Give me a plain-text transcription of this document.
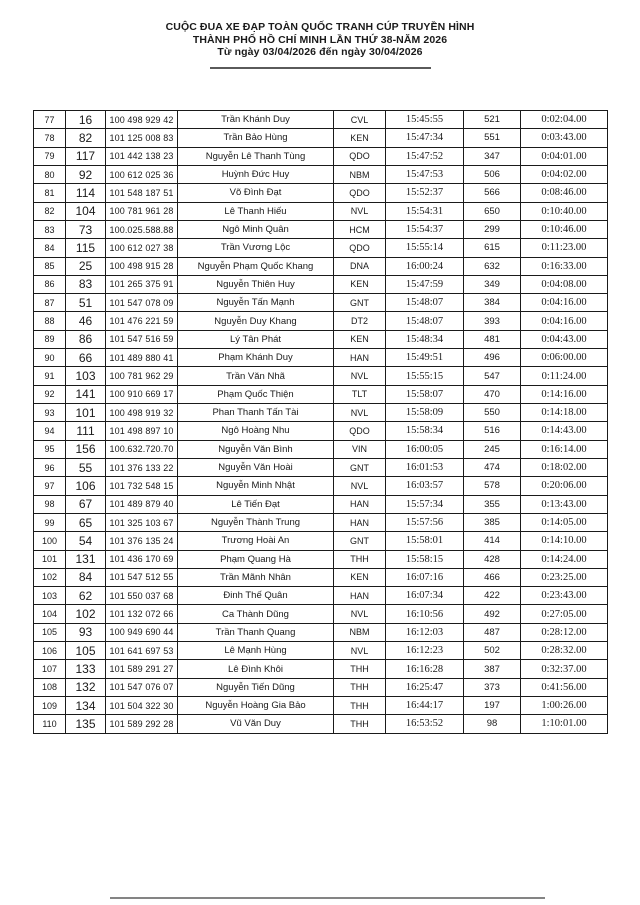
CUỘC ĐUA XE ĐẠP TOÀN QUỐC TRANH CÚP TRUYỀN HÌNH
THÀNH PHỐ HỒ CHÍ MINH LẦN THỨ 38-NĂM 2026
Từ ngày 03/04/2026 đến ngày 30/04/2026
77	16	100 498 929 42	Trần Khánh Duy	CVL	15:45:55	521	0:02:04.00
78	82	101 125 008 83	Trần Bảo Hùng	KEN	15:47:34	551	0:03:43.00
79	117	101 442 138 23	Nguyễn Lê Thanh Tùng	QDO	15:47:52	347	0:04:01.00
80	92	100 612 025 36	Huỳnh Đức Huy	NBM	15:47:53	506	0:04:02.00
81	114	101 548 187 51	Võ Đình Đạt	QDO	15:52:37	566	0:08:46.00
82	104	100 781 961 28	Lê Thanh Hiếu	NVL	15:54:31	650	0:10:40.00
83	73	100.025.588.88	Ngô Minh Quân	HCM	15:54:37	299	0:10:46.00
84	115	100 612 027 38	Trần Vương Lộc	QDO	15:55:14	615	0:11:23.00
85	25	100 498 915 28	Nguyễn Phạm Quốc Khang	DNA	16:00:24	632	0:16:33.00
86	83	101 265 375 91	Nguyễn Thiên Huy	KEN	15:47:59	349	0:04:08.00
87	51	101 547 078 09	Nguyễn Tấn Mạnh	GNT	15:48:07	384	0:04:16.00
88	46	101 476 221 59	Nguyễn Duy Khang	DT2	15:48:07	393	0:04:16.00
89	86	101 547 516 59	Lý Tân Phát	KEN	15:48:34	481	0:04:43.00
90	66	101 489 880 41	Phạm Khánh Duy	HAN	15:49:51	496	0:06:00.00
91	103	100 781 962 29	Trần Văn Nhã	NVL	15:55:15	547	0:11:24.00
92	141	100 910 669 17	Phạm Quốc Thiện	TLT	15:58:07	470	0:14:16.00
93	101	100 498 919 32	Phan Thanh Tấn Tài	NVL	15:58:09	550	0:14:18.00
94	111	101 498 897 10	Ngô Hoàng Nhu	QDO	15:58:34	516	0:14:43.00
95	156	100.632.720.70	Nguyễn Văn Bình	VIN	16:00:05	245	0:16:14.00
96	55	101 376 133 22	Nguyễn Văn Hoài	GNT	16:01:53	474	0:18:02.00
97	106	101 732 548 15	Nguyễn Minh Nhật	NVL	16:03:57	578	0:20:06.00
98	67	101 489 879 40	Lê Tiến Đạt	HAN	15:57:34	355	0:13:43.00
99	65	101 325 103 67	Nguyễn Thành Trung	HAN	15:57:56	385	0:14:05.00
100	54	101 376 135 24	Trương Hoài An	GNT	15:58:01	414	0:14:10.00
101	131	101 436 170 69	Phạm Quang Hà	THH	15:58:15	428	0:14:24.00
102	84	101 547 512 55	Trần Mãnh Nhân	KEN	16:07:16	466	0:23:25.00
103	62	101 550 037 68	Đinh Thế Quân	HAN	16:07:34	422	0:23:43.00
104	102	101 132 072 66	Ca Thành Dũng	NVL	16:10:56	492	0:27:05.00
105	93	100 949 690 44	Trần Thanh Quang	NBM	16:12:03	487	0:28:12.00
106	105	101 641 697 53	Lê Mạnh Hùng	NVL	16:12:23	502	0:28:32.00
107	133	101 589 291 27	Lê Đình Khôi	THH	16:16:28	387	0:32:37.00
108	132	101 547 076 07	Nguyễn Tiến Dũng	THH	16:25:47	373	0:41:56.00
109	134	101 504 322 30	Nguyễn Hoàng Gia Bảo	THH	16:44:17	197	1:00:26.00
110	135	101 589 292 28	Vũ Văn Duy	THH	16:53:52	98	1:10:01.00
